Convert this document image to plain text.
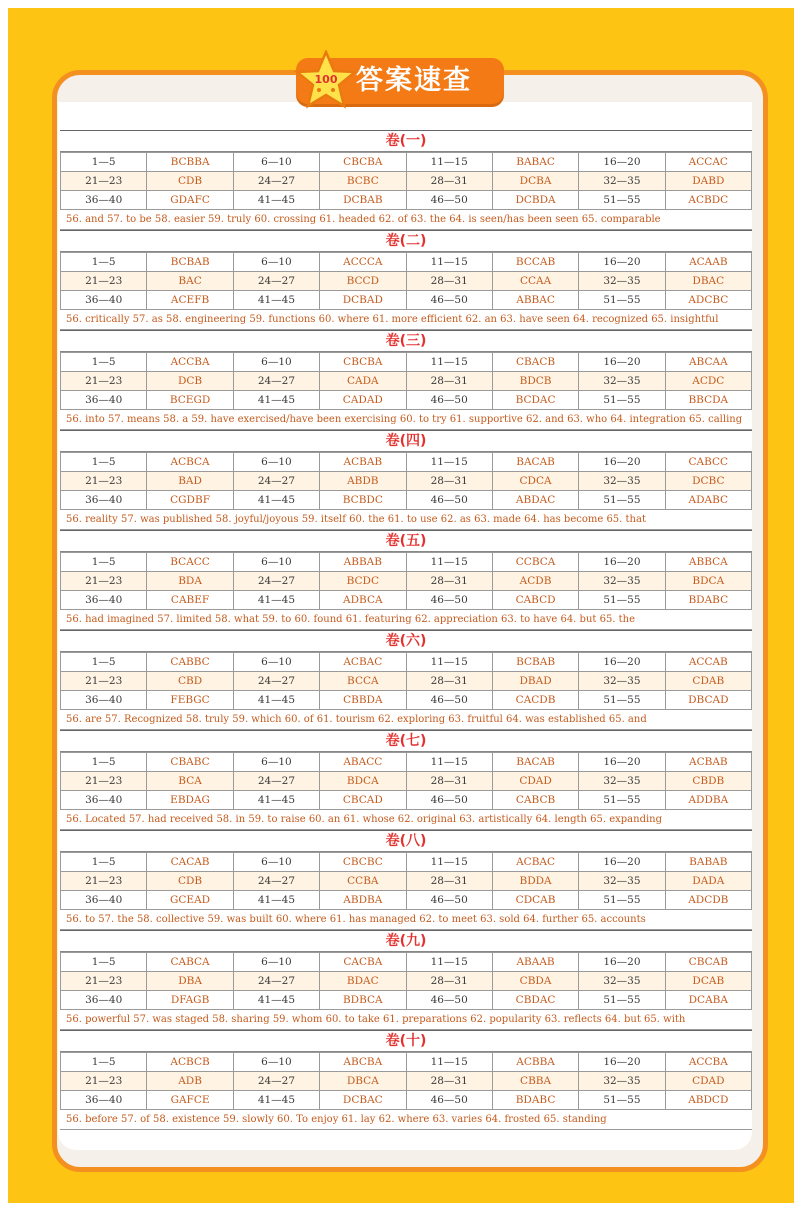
100 答案速查
卷(一)
1—5	BCBBA	6—10	CBCBA	11—15	BABAC	16—20	ACCAC
21—23	CDB	24—27	BCBC	28—31	DCBA	32—35	DABD
36—40	GDAFC	41—45	DCBAB	46—50	DCBDA	51—55	ACBDC
56. and 57. to be 58. easier 59. truly 60. crossing 61. headed 62. of 63. the 64. is seen/has been seen 65. comparable
卷(二)
1—5	BCBAB	6—10	ACCCA	11—15	BCCAB	16—20	ACAAB
21—23	BAC	24—27	BCCD	28—31	CCAA	32—35	DBAC
36—40	ACEFB	41—45	DCBAD	46—50	ABBAC	51—55	ADCBC
56. critically 57. as 58. engineering 59. functions 60. where 61. more efficient 62. an 63. have seen 64. recognized 65. insightful
卷(三)
1—5	ACCBA	6—10	CBCBA	11—15	CBACB	16—20	ABCAA
21—23	DCB	24—27	CADA	28—31	BDCB	32—35	ACDC
36—40	BCEGD	41—45	CADAD	46—50	BCDAC	51—55	BBCDA
56. into 57. means 58. a 59. have exercised/have been exercising 60. to try 61. supportive 62. and 63. who 64. integration 65. calling
卷(四)
1—5	ACBCA	6—10	ACBAB	11—15	BACAB	16—20	CABCC
21—23	BAD	24—27	ABDB	28—31	CDCA	32—35	DCBC
36—40	CGDBF	41—45	BCBDC	46—50	ABDAC	51—55	ADABC
56. reality 57. was published 58. joyful/joyous 59. itself 60. the 61. to use 62. as 63. made 64. has become 65. that
卷(五)
1—5	BCACC	6—10	ABBAB	11—15	CCBCA	16—20	ABBCA
21—23	BDA	24—27	BCDC	28—31	ACDB	32—35	BDCA
36—40	CABEF	41—45	ADBCA	46—50	CABCD	51—55	BDABC
56. had imagined 57. limited 58. what 59. to 60. found 61. featuring 62. appreciation 63. to have 64. but 65. the
卷(六)
1—5	CABBC	6—10	ACBAC	11—15	BCBAB	16—20	ACCAB
21—23	CBD	24—27	BCCA	28—31	DBAD	32—35	CDAB
36—40	FEBGC	41—45	CBBDA	46—50	CACDB	51—55	DBCAD
56. are 57. Recognized 58. truly 59. which 60. of 61. tourism 62. exploring 63. fruitful 64. was established 65. and
卷(七)
1—5	CBABC	6—10	ABACC	11—15	BACAB	16—20	ACBAB
21—23	BCA	24—27	BDCA	28—31	CDAD	32—35	CBDB
36—40	EBDAG	41—45	CBCAD	46—50	CABCB	51—55	ADDBA
56. Located 57. had received 58. in 59. to raise 60. an 61. whose 62. original 63. artistically 64. length 65. expanding
卷(八)
1—5	CACAB	6—10	CBCBC	11—15	ACBAC	16—20	BABAB
21—23	CDB	24—27	CCBA	28—31	BDDA	32—35	DADA
36—40	GCEAD	41—45	ABDBA	46—50	CDCAB	51—55	ADCDB
56. to 57. the 58. collective 59. was built 60. where 61. has managed 62. to meet 63. sold 64. further 65. accounts
卷(九)
1—5	CABCA	6—10	CACBA	11—15	ABAAB	16—20	CBCAB
21—23	DBA	24—27	BDAC	28—31	CBDA	32—35	DCAB
36—40	DFAGB	41—45	BDBCA	46—50	CBDAC	51—55	DCABA
56. powerful 57. was staged 58. sharing 59. whom 60. to take 61. preparations 62. popularity 63. reflects 64. but 65. with
卷(十)
1—5	ACBCB	6—10	ABCBA	11—15	ACBBA	16—20	ACCBA
21—23	ADB	24—27	DBCA	28—31	CBBA	32—35	CDAD
36—40	GAFCE	41—45	DCBAC	46—50	BDABC	51—55	ABDCD
56. before 57. of 58. existence 59. slowly 60. To enjoy 61. lay 62. where 63. varies 64. frosted 65. standing
